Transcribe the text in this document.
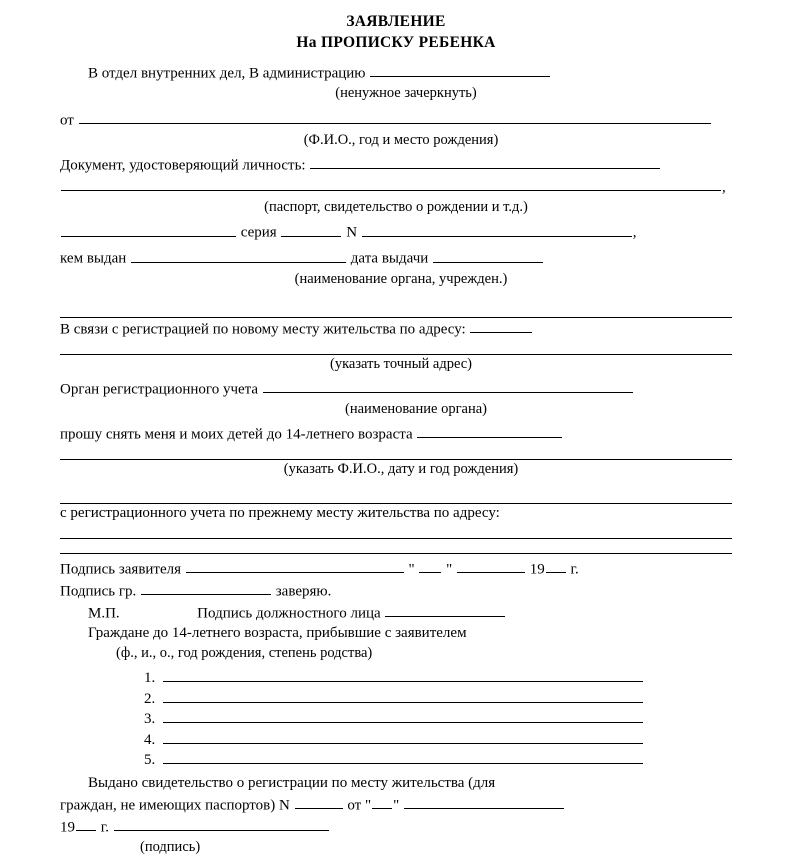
ЗАЯВЛЕНИЕ
На ПРОПИСКУ РЕБЕНКА
В отдел внутренних дел, В администрацию
(ненужное зачеркнуть)
от
(Ф.И.О., год и место рождения)
Документ, удостоверяющий личность:
,
(паспорт, свидетельство о рождении и т.д.)
серия	N	,
кем выдан	дата выдачи
(наименование органа, учрежден.)
В связи с регистрацией по новому месту жительства по адресу:
(указать точный адрес)
Орган регистрационного учета
(наименование органа)
прошу снять меня и моих детей до 14-летнего возраста
(указать Ф.И.О., дату и год рождения)
с регистрационного учета по прежнему месту жительства по адресу:
Подпись заявителя	" "	19 г.
Подпись гр.	заверяю.
М.П.	Подпись должностного лица
Граждане до 14-летнего возраста, прибывшие с заявителем
(ф., и., о., год рождения, степень родства)
1.
2.
3.
4.
5.
Выдано свидетельство о регистрации по месту жительства (для
граждан, не имеющих паспортов) N	от " "
19 г.
(подпись)
